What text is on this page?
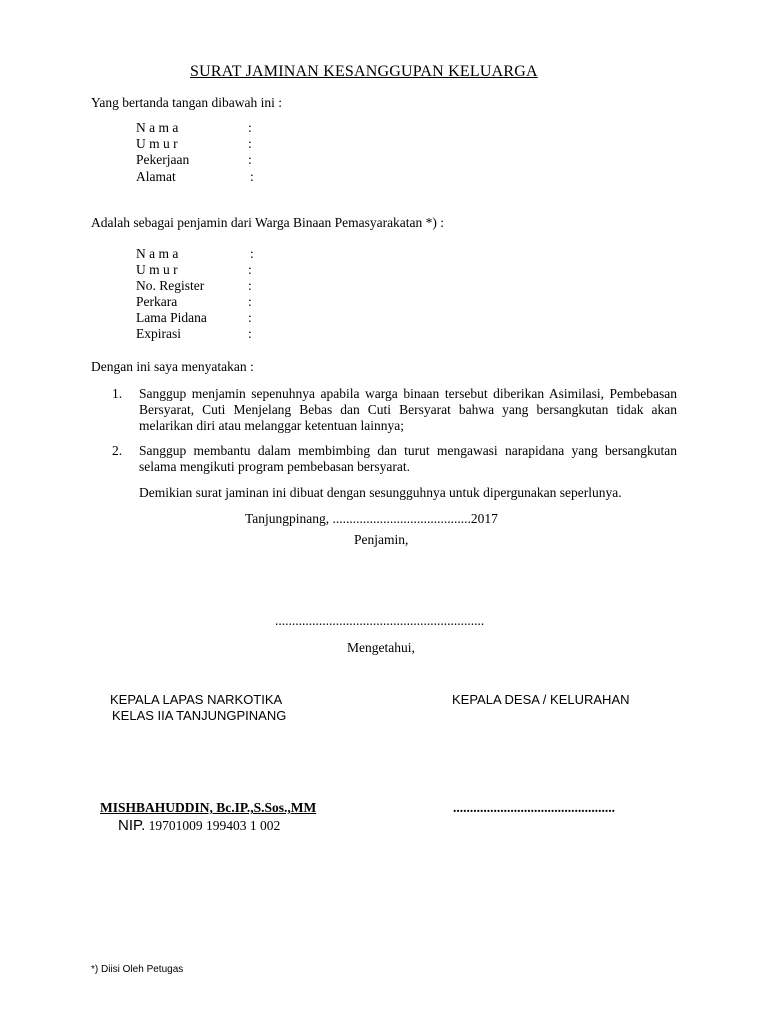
SURAT JAMINAN KESANGGUPAN KELUARGA
Yang bertanda tangan dibawah ini :
N a m a	:
U m u r	:
Pekerjaan	:
Alamat	:
Adalah sebagai penjamin dari Warga Binaan Pemasyarakatan *) :
N a m a	:
U m u r	:
No. Register	:
Perkara	:
Lama Pidana	:
Expirasi	:
Dengan ini saya menyatakan :
1. Sanggup menjamin sepenuhnya apabila warga binaan tersebut diberikan Asimilasi, Pembebasan Bersyarat, Cuti Menjelang Bebas dan Cuti Bersyarat bahwa yang bersangkutan tidak akan melarikan diri atau melanggar ketentuan lainnya;
2. Sanggup membantu dalam membimbing dan turut mengawasi narapidana yang bersangkutan selama mengikuti program pembebasan bersyarat.
Demikian surat jaminan ini dibuat dengan sesungguhnya untuk dipergunakan seperlunya.
Tanjungpinang, .........................................2017
Penjamin,
..............................................................
Mengetahui,
KEPALA LAPAS NARKOTIKA
KELAS IIA TANJUNGPINANG
KEPALA DESA / KELURAHAN
MISHBAHUDDIN, Bc.IP.,S.Sos.,MM
NIP. 19701009 199403 1 002
................................................
*) Diisi Oleh Petugas
